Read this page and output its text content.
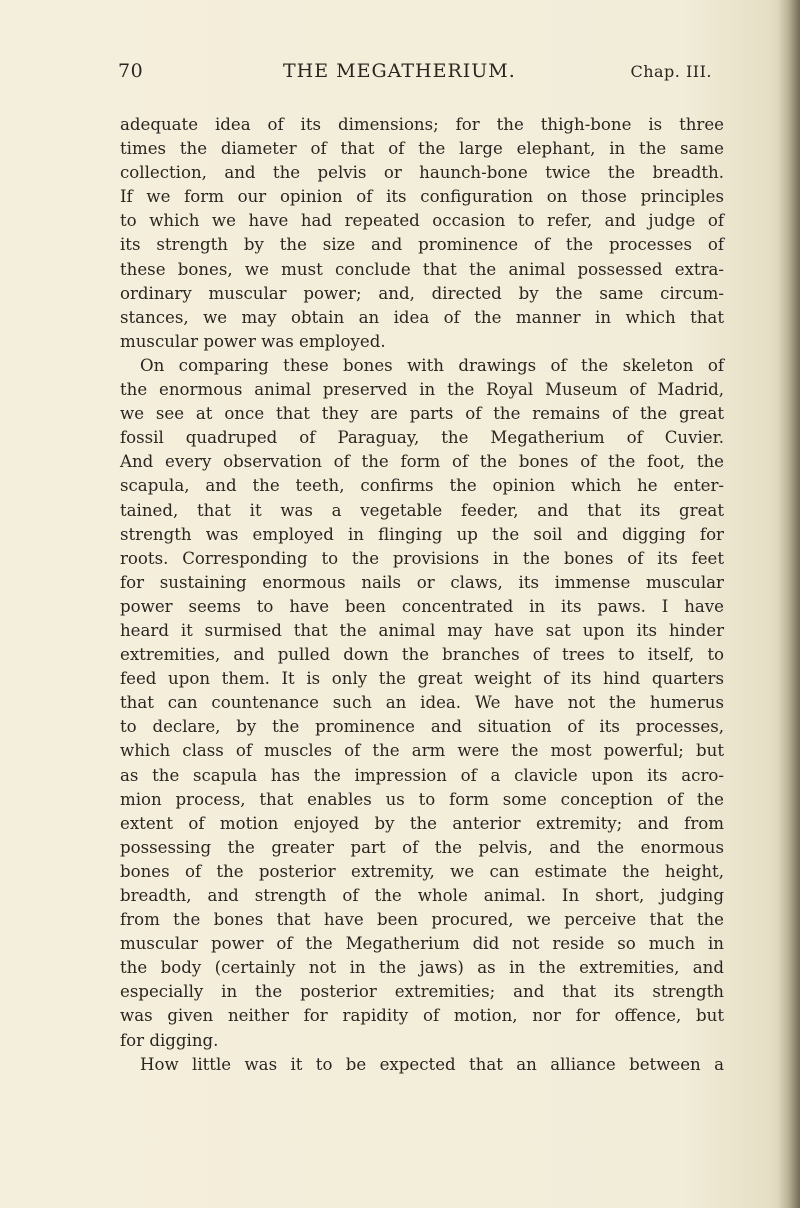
70	THE MEGATHERIUM.	Chap. III.
adequate idea of its dimensions; for the thigh-bone is three
times the diameter of that of the large elephant, in the same
collection, and the pelvis or haunch-bone twice the breadth.
If we form our opinion of its configuration on those principles
to which we have had repeated occasion to refer, and judge of
its strength by the size and prominence of the processes of
these bones, we must conclude that the animal possessed extra-
ordinary muscular power; and, directed by the same circum-
stances, we may obtain an idea of the manner in which that
muscular power was employed.
On comparing these bones with drawings of the skeleton of
the enormous animal preserved in the Royal Museum of Madrid,
we see at once that they are parts of the remains of the great
fossil quadruped of Paraguay, the Megatherium of Cuvier.
And every observation of the form of the bones of the foot, the
scapula, and the teeth, confirms the opinion which he enter-
tained, that it was a vegetable feeder, and that its great
strength was employed in flinging up the soil and digging for
roots. Corresponding to the provisions in the bones of its feet
for sustaining enormous nails or claws, its immense muscular
power seems to have been concentrated in its paws. I have
heard it surmised that the animal may have sat upon its hinder
extremities, and pulled down the branches of trees to itself, to
feed upon them. It is only the great weight of its hind quarters
that can countenance such an idea. We have not the humerus
to declare, by the prominence and situation of its processes,
which class of muscles of the arm were the most powerful; but
as the scapula has the impression of a clavicle upon its acro-
mion process, that enables us to form some conception of the
extent of motion enjoyed by the anterior extremity; and from
possessing the greater part of the pelvis, and the enormous
bones of the posterior extremity, we can estimate the height,
breadth, and strength of the whole animal. In short, judging
from the bones that have been procured, we perceive that the
muscular power of the Megatherium did not reside so much in
the body (certainly not in the jaws) as in the extremities, and
especially in the posterior extremities; and that its strength
was given neither for rapidity of motion, nor for offence, but
for digging.
How little was it to be expected that an alliance between a
